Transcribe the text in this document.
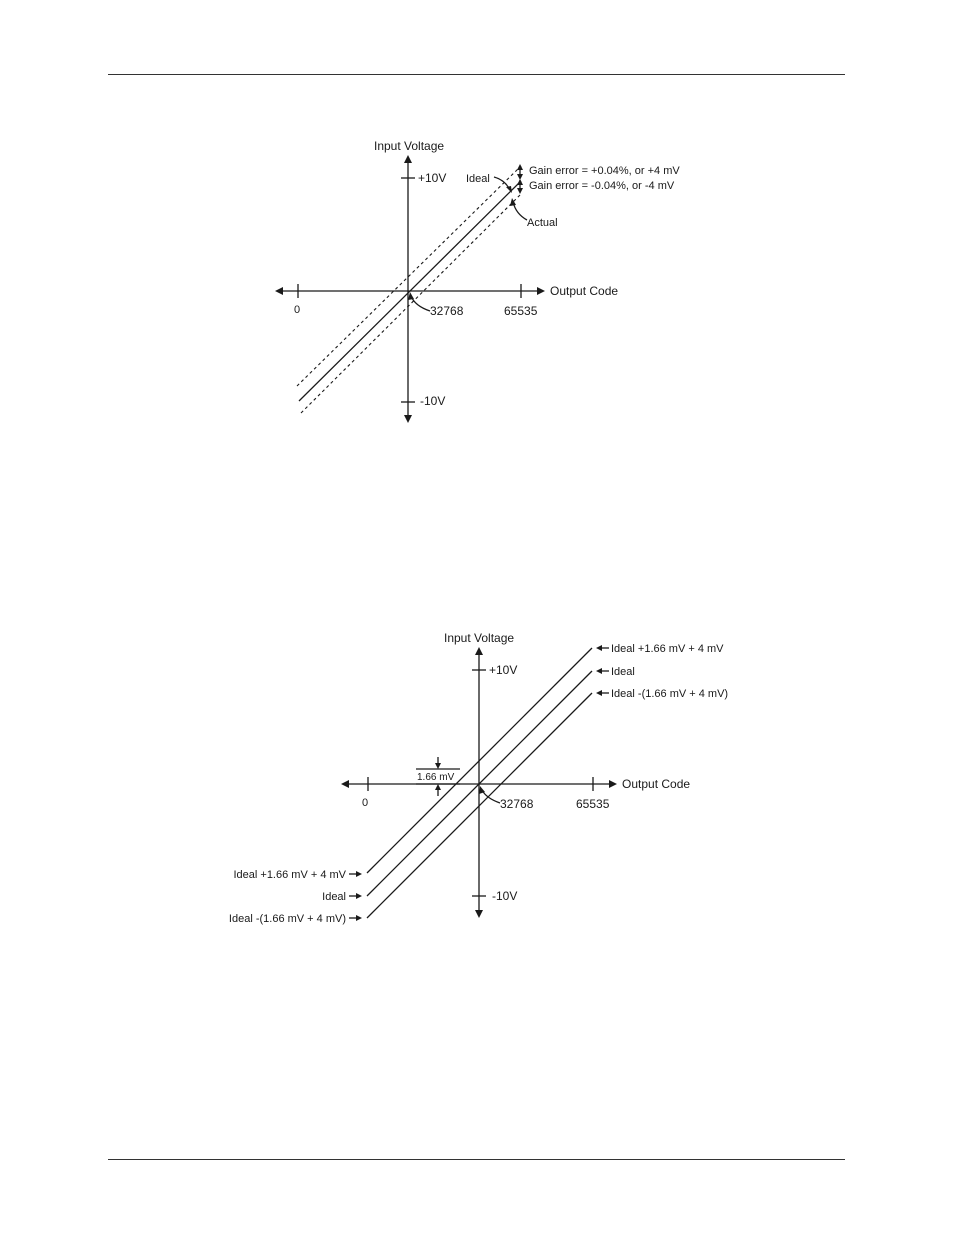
Input Voltage
Output Code
+10V
-10V
0	65535
32768
Ideal
Actual
Gain error = +0.04%, or +4 mV
Gain error = -0.04%, or -4 mV
Input Voltage
Output Code
+10V
-10V
0	65535
32768
1.66 mV
Ideal +1.66 mV + 4 mV
Ideal
Ideal -(1.66 mV + 4 mV)
Ideal +1.66 mV + 4 mV
Ideal
Ideal -(1.66 mV + 4 mV)
